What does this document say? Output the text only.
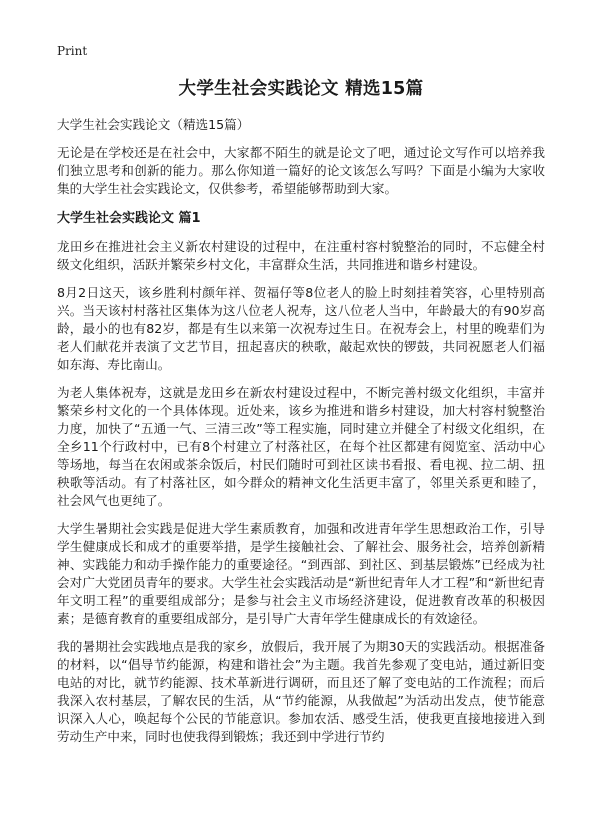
Print
大学生社会实践论文 精选15篇

大学生社会实践论文（精选15篇）

无论是在学校还是在社会中，大家都不陌生的就是论文了吧，通过论文写作可以培养我们独立思考和创新的能力。那么你知道一篇好的论文该怎么写吗？下面是小编为大家收集的大学生社会实践论文，仅供参考，希望能够帮助到大家。

大学生社会实践论文 篇1

龙田乡在推进社会主义新农村建设的过程中，在注重村容村貌整治的同时，不忘健全村级文化组织，活跃并繁荣乡村文化，丰富群众生活，共同推进和谐乡村建设。

8月2日这天，该乡胜利村颜年祥、贺福仔等8位老人的脸上时刻挂着笑容，心里特别高兴。当天该村村落社区集体为这八位老人祝寿，这八位老人当中，年龄最大的有90岁高龄，最小的也有82岁，都是有生以来第一次祝寿过生日。在祝寿会上，村里的晚辈们为老人们献花并表演了文艺节目，扭起喜庆的秧歌，敲起欢快的锣鼓，共同祝愿老人们福如东海、寿比南山。

为老人集体祝寿，这就是龙田乡在新农村建设过程中，不断完善村级文化组织，丰富并繁荣乡村文化的一个具体体现。近处来，该乡为推进和谐乡村建设，加大村容村貌整治力度，加快了“五通一气、三清三改”等工程实施，同时建立并健全了村级文化组织，在全乡11个行政村中，已有8个村建立了村落社区，在每个社区都建有阅览室、活动中心等场地，每当在农闲或茶余饭后，村民们随时可到社区读书看报、看电视、拉二胡、扭秧歌等活动。有了村落社区，如今群众的精神文化生活更丰富了，邻里关系更和睦了，社会风气也更纯了。

大学生暑期社会实践是促进大学生素质教育，加强和改进青年学生思想政治工作，引导学生健康成长和成才的重要举措，是学生接触社会、了解社会、服务社会，培养创新精神、实践能力和动手操作能力的重要途径。“到西部、到社区、到基层锻炼”已经成为社会对广大党团员青年的要求。大学生社会实践活动是“新世纪青年人才工程”和“新世纪青年文明工程”的重要组成部分；是参与社会主义市场经济建设，促进教育改革的积极因素；是德育教育的重要组成部分，是引导广大青年学生健康成长的有效途径。

我的暑期社会实践地点是我的家乡，放假后，我开展了为期30天的实践活动。根据准备的材料，以“倡导节约能源，构建和谐社会”为主题。我首先参观了变电站，通过新旧变电站的对比，就节约能源、技术革新进行调研，而且还了解了变电站的工作流程；而后我深入农村基层，了解农民的生活，从“节约能源，从我做起”为活动出发点，使节能意识深入人心，唤起每个公民的节能意识。参加农活、感受生活，使我更直接地接进入到劳动生产中来，同时也使我得到锻炼；我还到中学进行节约
